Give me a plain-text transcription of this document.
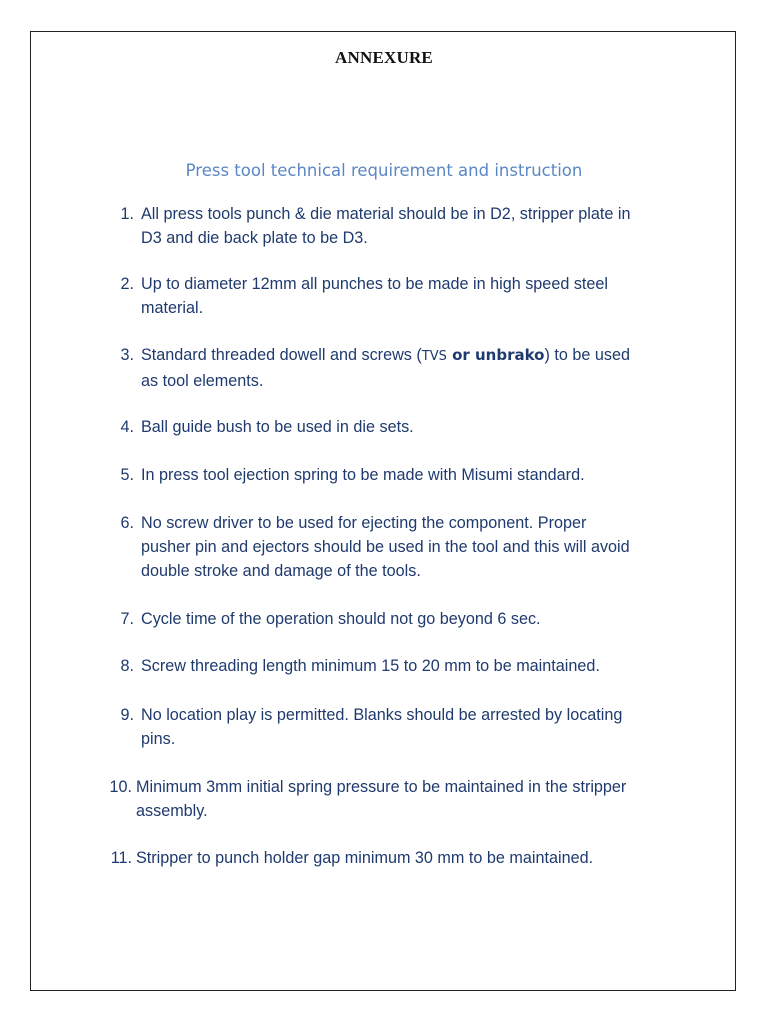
ANNEXURE
Press tool technical requirement and instruction
1. All press tools punch & die material should be in D2, stripper plate in
D3 and die back plate to be D3.
2. Up to diameter 12mm all punches to be made in high speed steel
material.
3. Standard threaded dowell and screws (TVS or unbrako) to be used
as tool elements.
4. Ball guide bush to be used in die sets.
5. In press tool ejection spring to be made with Misumi standard.
6. No screw driver to be used for ejecting the component. Proper
pusher pin and ejectors should be used in the tool and this will avoid
double stroke and damage of the tools.
7. Cycle time of the operation should not go beyond 6 sec.
8. Screw threading length minimum 15 to 20 mm to be maintained.
9. No location play is permitted. Blanks should be arrested by locating
pins.
10. Minimum 3mm initial spring pressure to be maintained in the stripper
assembly.
11. Stripper to punch holder gap minimum 30 mm to be maintained.
